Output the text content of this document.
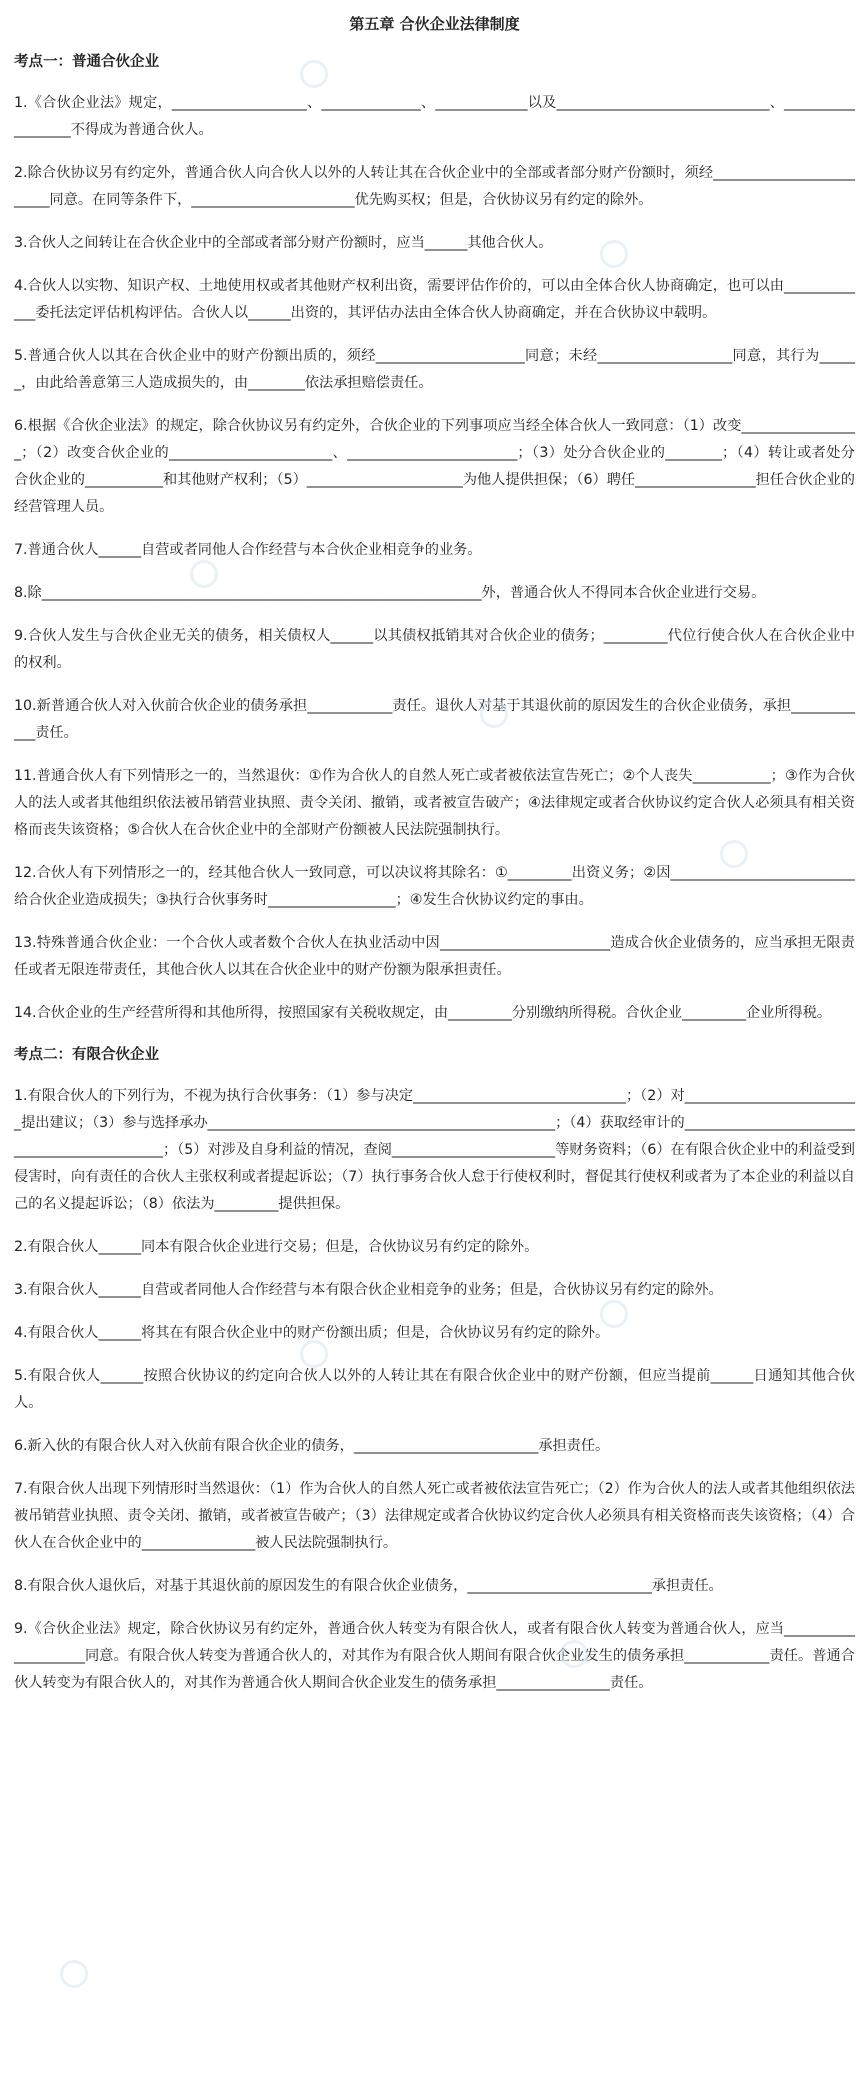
第五章 合伙企业法律制度
考点一：普通合伙企业

1.《合伙企业法》规定，___________________、______________、_____________以及______________________________、__________________不得成为普通合伙人。

2.除合伙协议另有约定外，普通合伙人向合伙人以外的人转让其在合伙企业中的全部或者部分财产份额时，须经_________________________同意。在同等条件下，_______________________优先购买权；但是，合伙协议另有约定的除外。

3.合伙人之间转让在合伙企业中的全部或者部分财产份额时，应当______其他合伙人。

4.合伙人以实物、知识产权、土地使用权或者其他财产权利出资，需要评估作价的，可以由全体合伙人协商确定，也可以由_____________委托法定评估机构评估。合伙人以______出资的，其评估办法由全体合伙人协商确定，并在合伙协议中载明。

5.普通合伙人以其在合伙企业中的财产份额出质的，须经_____________________同意；未经___________________同意，其行为______，由此给善意第三人造成损失的，由________依法承担赔偿责任。

6.根据《合伙企业法》的规定，除合伙协议另有约定外，合伙企业的下列事项应当经全体合伙人一致同意：（1）改变_________________；（2）改变合伙企业的_______________________、________________________；（3）处分合伙企业的________；（4）转让或者处分合伙企业的___________和其他财产权利；（5）______________________为他人提供担保；（6）聘任_________________担任合伙企业的经营管理人员。

7.普通合伙人______自营或者同他人合作经营与本合伙企业相竞争的业务。

8.除______________________________________________________________外，普通合伙人不得同本合伙企业进行交易。

9.合伙人发生与合伙企业无关的债务，相关债权人______以其债权抵销其对合伙企业的债务；_________代位行使合伙人在合伙企业中的权利。

10.新普通合伙人对入伙前合伙企业的债务承担____________责任。退伙人对基于其退伙前的原因发生的合伙企业债务，承担____________责任。

11.普通合伙人有下列情形之一的，当然退伙：①作为合伙人的自然人死亡或者被依法宣告死亡；②个人丧失___________；③作为合伙人的法人或者其他组织依法被吊销营业执照、责令关闭、撤销，或者被宣告破产；④法律规定或者合伙协议约定合伙人必须具有相关资格而丧失该资格；⑤合伙人在合伙企业中的全部财产份额被人民法院强制执行。

12.合伙人有下列情形之一的，经其他合伙人一致同意，可以决议将其除名：①_________出资义务；②因__________________________给合伙企业造成损失；③执行合伙事务时__________________；④发生合伙协议约定的事由。

13.特殊普通合伙企业：一个合伙人或者数个合伙人在执业活动中因________________________造成合伙企业债务的，应当承担无限责任或者无限连带责任，其他合伙人以其在合伙企业中的财产份额为限承担责任。

14.合伙企业的生产经营所得和其他所得，按照国家有关税收规定，由_________分别缴纳所得税。合伙企业_________企业所得税。

考点二：有限合伙企业

1.有限合伙人的下列行为，不视为执行合伙事务：（1）参与决定______________________________；（2）对_________________________提出建议；（3）参与选择承办_________________________________________________；（4）获取经审计的_____________________________________________；（5）对涉及自身利益的情况，查阅_______________________等财务资料；（6）在有限合伙企业中的利益受到侵害时，向有责任的合伙人主张权利或者提起诉讼；（7）执行事务合伙人怠于行使权利时，督促其行使权利或者为了本企业的利益以自己的名义提起诉讼；（8）依法为_________提供担保。

2.有限合伙人______同本有限合伙企业进行交易；但是，合伙协议另有约定的除外。

3.有限合伙人______自营或者同他人合作经营与本有限合伙企业相竞争的业务；但是，合伙协议另有约定的除外。

4.有限合伙人______将其在有限合伙企业中的财产份额出质；但是，合伙协议另有约定的除外。

5.有限合伙人______按照合伙协议的约定向合伙人以外的人转让其在有限合伙企业中的财产份额，但应当提前______日通知其他合伙人。

6.新入伙的有限合伙人对入伙前有限合伙企业的债务，__________________________承担责任。

7.有限合伙人出现下列情形时当然退伙：（1）作为合伙人的自然人死亡或者被依法宣告死亡；（2）作为合伙人的法人或者其他组织依法被吊销营业执照、责令关闭、撤销，或者被宣告破产；（3）法律规定或者合伙协议约定合伙人必须具有相关资格而丧失该资格；（4）合伙人在合伙企业中的________________被人民法院强制执行。

8.有限合伙人退伙后，对基于其退伙前的原因发生的有限合伙企业债务，__________________________承担责任。

9.《合伙企业法》规定，除合伙协议另有约定外，普通合伙人转变为有限合伙人，或者有限合伙人转变为普通合伙人，应当____________________同意。有限合伙人转变为普通合伙人的，对其作为有限合伙人期间有限合伙企业发生的债务承担____________责任。普通合伙人转变为有限合伙人的，对其作为普通合伙人期间合伙企业发生的债务承担________________责任。
